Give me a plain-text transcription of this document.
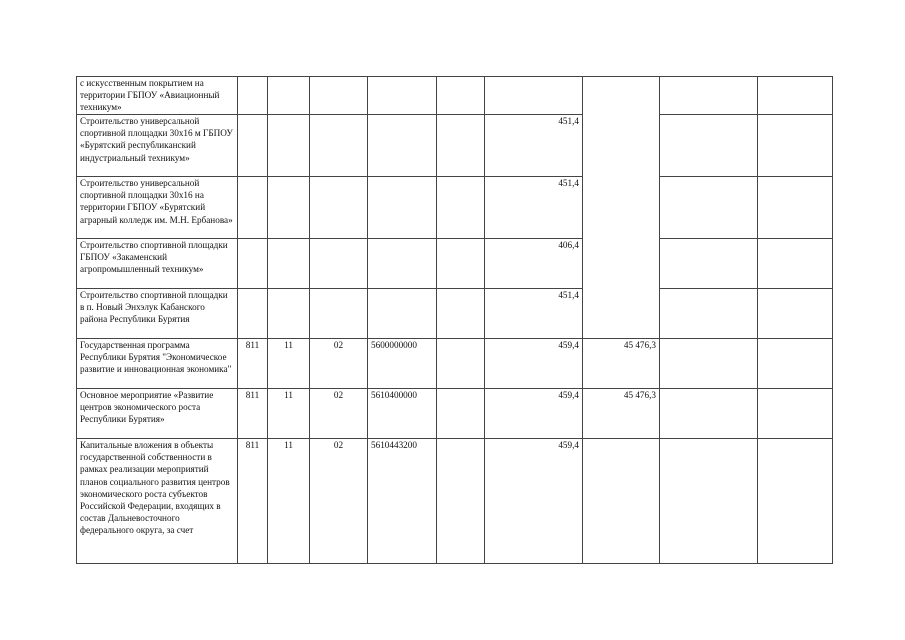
с искусственным покрытием на территории ГБПОУ «Авиационный техникум»									
Строительство универсальной спортивной площадки 30х16 м ГБПОУ «Бурятский республиканский индустриальный техникум»						451,4			
Строительство универсальной спортивной площадки 30х16 на территории ГБПОУ «Бурятский аграрный колледж им. М.Н. Ербанова»						451,4			
Строительство спортивной площадки ГБПОУ «Закаменский агропромышленный техникум»						406,4			
Строительство спортивной площадки в п. Новый Энхэлук Кабанского района Республики Бурятия						451,4			
Государственная программа Республики Бурятия "Экономическое развитие и инновационная экономика"	811	11	02	5600000000		459,4	45 476,3		
Основное мероприятие «Развитие центров экономического роста Республики Бурятия»	811	11	02	5610400000		459,4	45 476,3		
Капитальные вложения в объекты государственной собственности в рамках реализации мероприятий планов социального развития центров экономического роста субъектов Российской Федерации, входящих в состав Дальневосточного федерального округа, за счет	811	11	02	5610443200		459,4			
